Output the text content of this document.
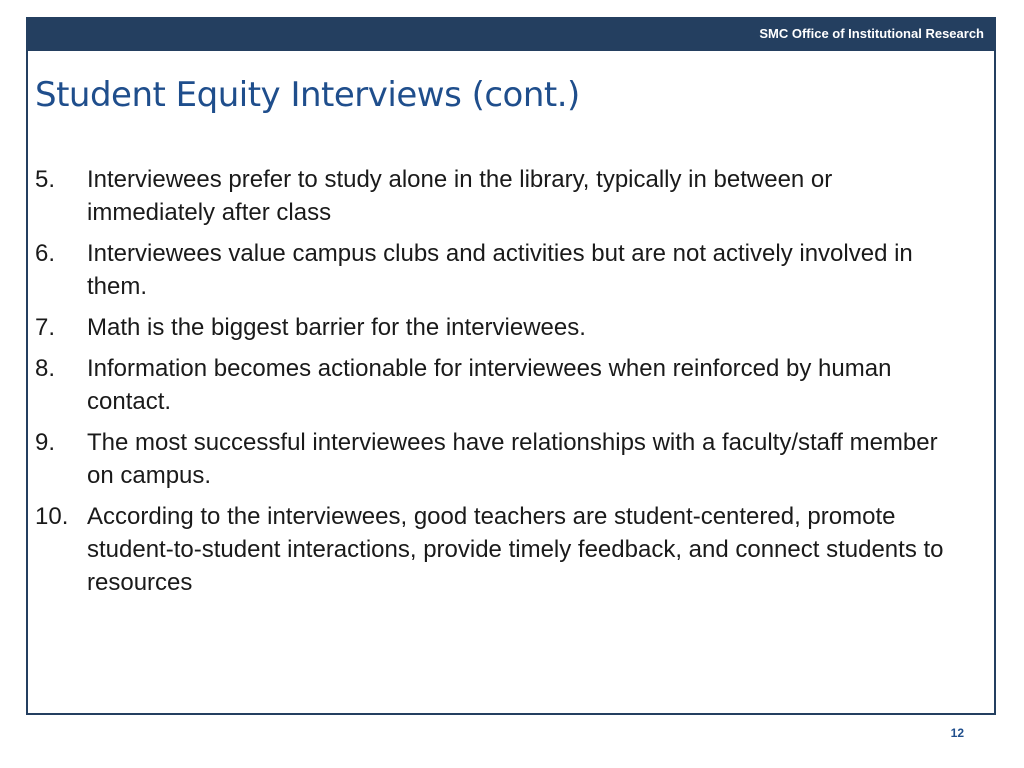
SMC Office of Institutional Research
Student Equity Interviews (cont.)
5.	Interviewees prefer to study alone in the library, typically in between or immediately after class
6.	Interviewees value campus clubs and activities but are not actively involved in them.
7.	Math is the biggest barrier for the interviewees.
8.	Information becomes actionable for interviewees when reinforced by human contact.
9.	The most successful interviewees have relationships with a faculty/staff member on campus.
10. According to the interviewees, good teachers are student-centered, promote student-to-student interactions, provide timely feedback, and connect students to resources
12
